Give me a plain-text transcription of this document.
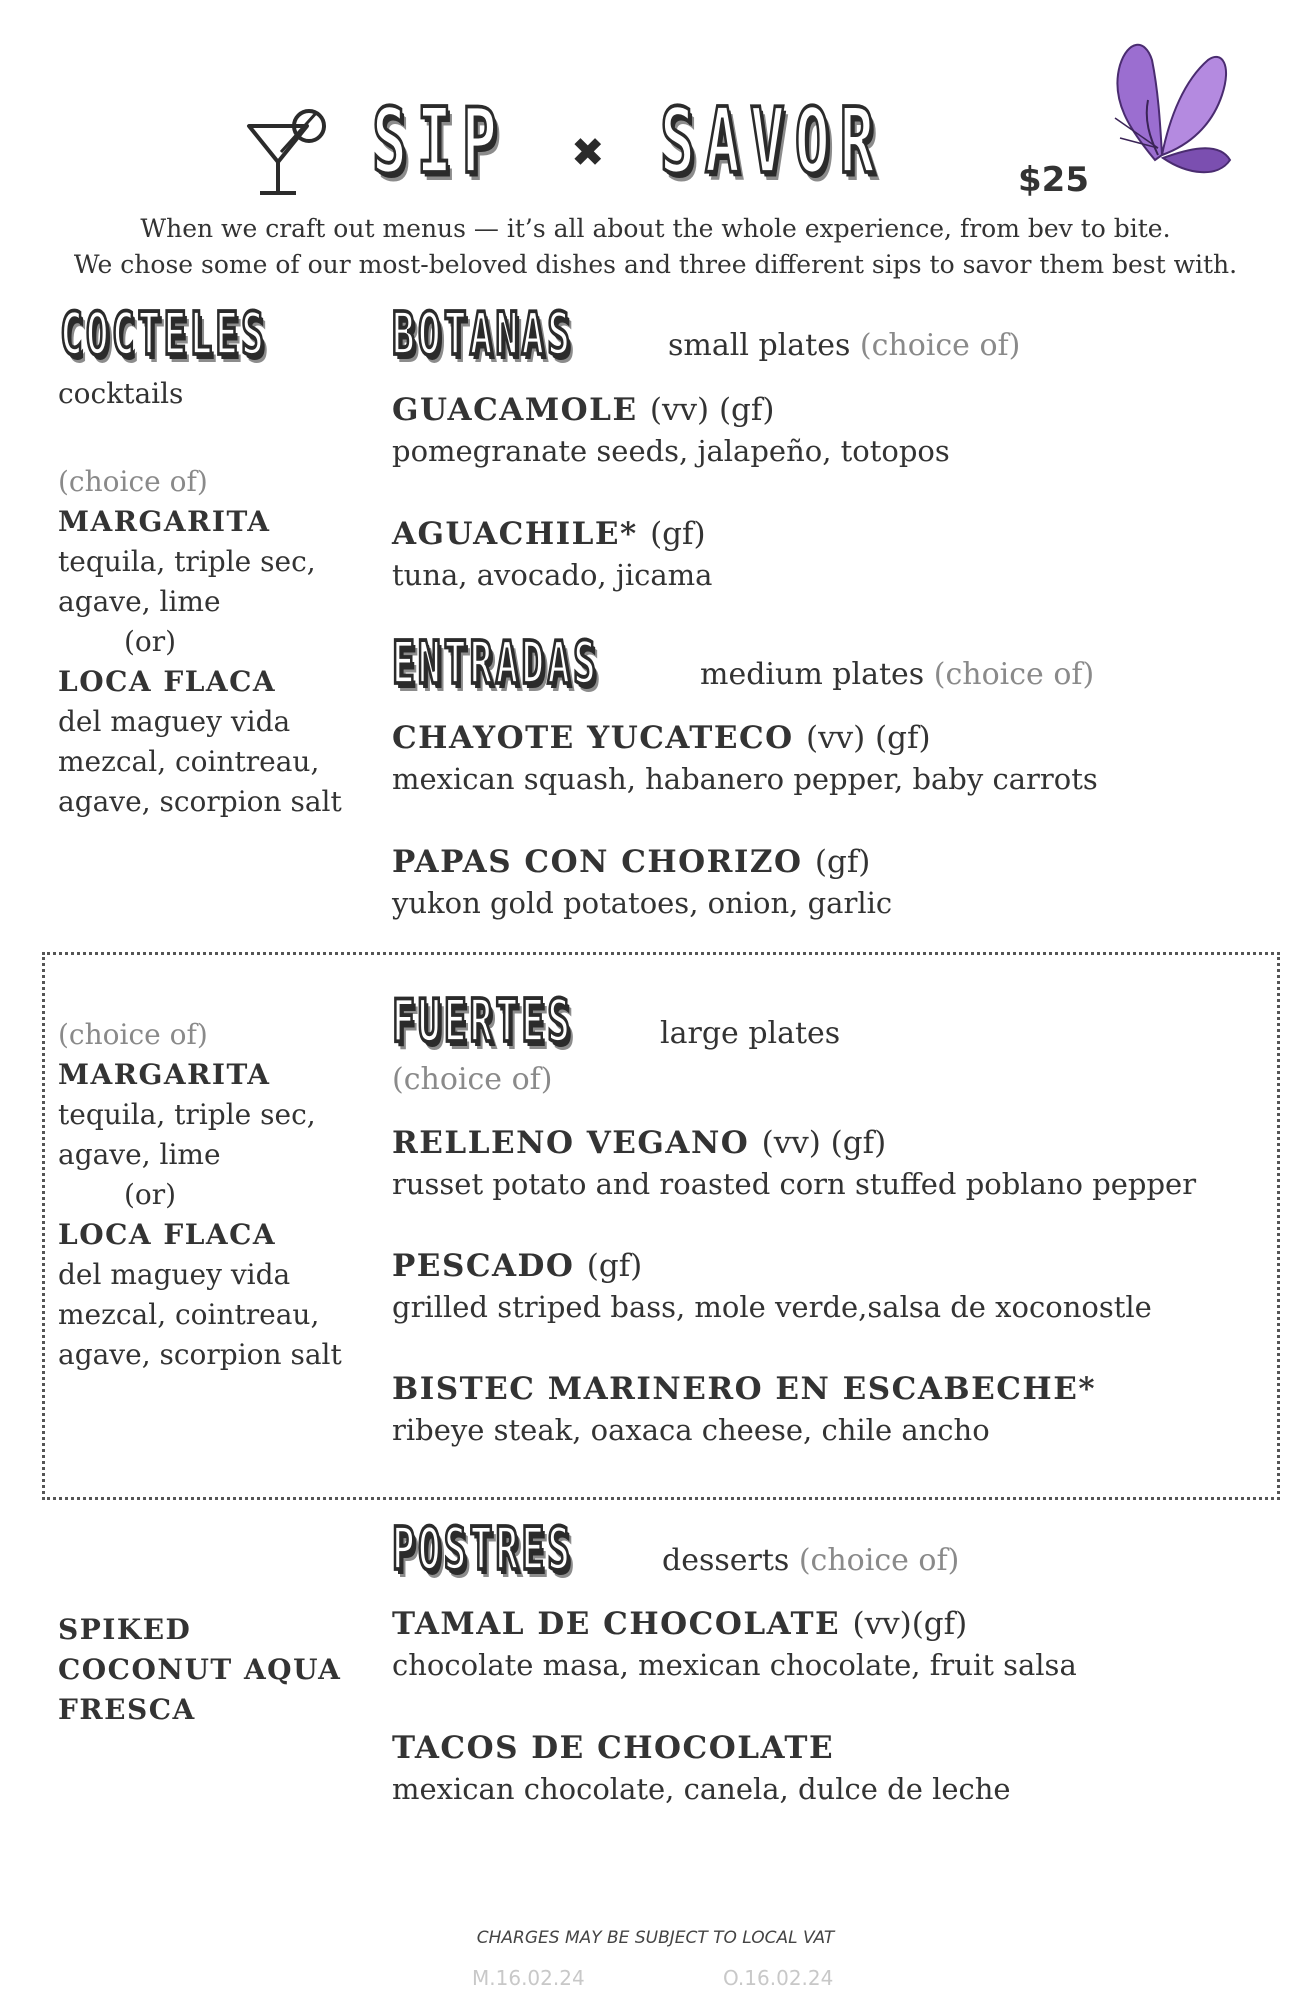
SIP ✖ SAVOR	$25
When we craft out menus — it’s all about the whole experience, from bev to bite.
We chose some of our most-beloved dishes and three different sips to savor them best with.
COCTELES
cocktails
(choice of)
MARGARITA
tequila, triple sec,
agave, lime
(or)
LOCA FLACA
del maguey vida
mezcal, cointreau,
agave, scorpion salt
BOTANAS	small plates (choice of)
GUACAMOLE (vv) (gf)
pomegranate seeds, jalapeño, totopos
AGUACHILE* (gf)
tuna, avocado, jicama
ENTRADAS	medium plates (choice of)
CHAYOTE YUCATECO (vv) (gf)
mexican squash, habanero pepper, baby carrots
PAPAS CON CHORIZO (gf)
yukon gold potatoes, onion, garlic
(choice of)
MARGARITA
tequila, triple sec,
agave, lime
(or)
LOCA FLACA
del maguey vida
mezcal, cointreau,
agave, scorpion salt
FUERTES	large plates
(choice of)
RELLENO VEGANO (vv) (gf)
russet potato and roasted corn stuffed poblano pepper
PESCADO (gf)
grilled striped bass, mole verde,salsa de xoconostle
BISTEC MARINERO EN ESCABECHE*
ribeye steak, oaxaca cheese, chile ancho
POSTRES	desserts (choice of)
SPIKED
COCONUT AQUA
FRESCA
TAMAL DE CHOCOLATE (vv)(gf)
chocolate masa, mexican chocolate, fruit salsa
TACOS DE CHOCOLATE
mexican chocolate, canela, dulce de leche
CHARGES MAY BE SUBJECT TO LOCAL VAT
M.16.02.24	O.16.02.24
